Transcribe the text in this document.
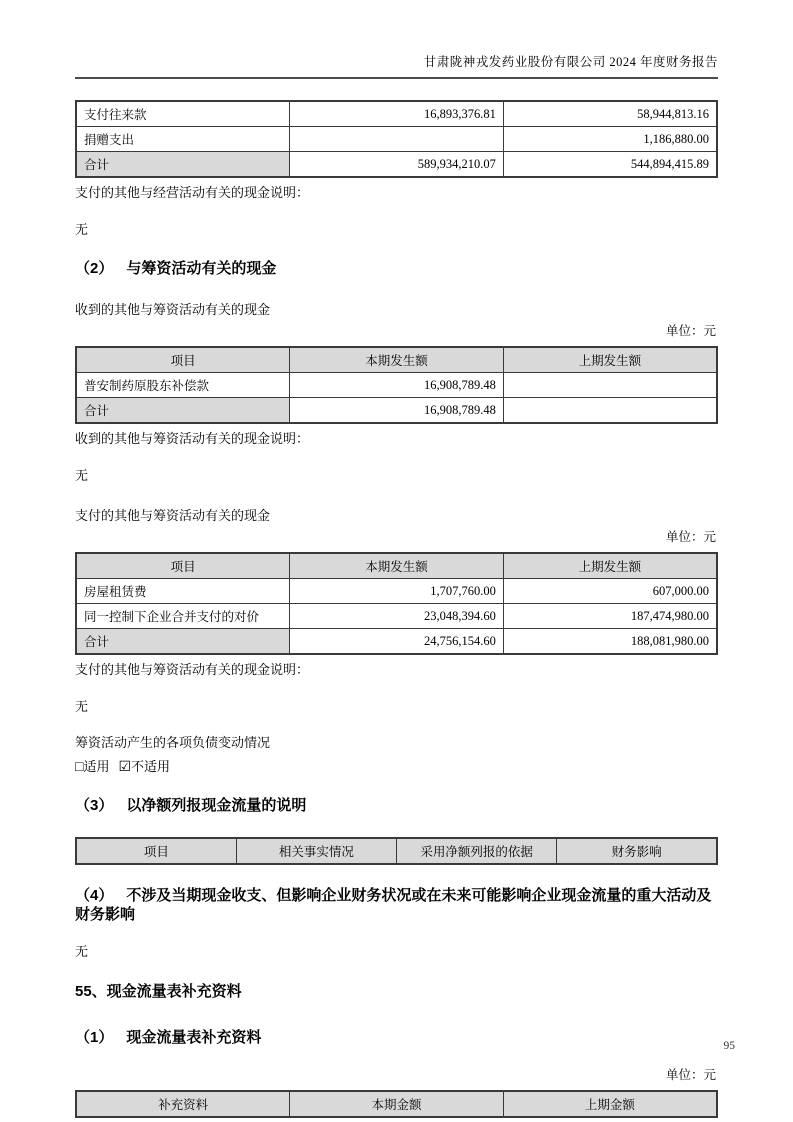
甘肃陇神戎发药业股份有限公司 2024 年度财务报告
支付往来款	16,893,376.81	58,944,813.16
捐赠支出		1,186,880.00
合计	589,934,210.07	544,894,415.89

支付的其他与经营活动有关的现金说明：

无

（2） 与筹资活动有关的现金

收到的其他与筹资活动有关的现金

单位：元

项目	本期发生额	上期发生额
普安制药原股东补偿款	16,908,789.48	
合计	16,908,789.48	

收到的其他与筹资活动有关的现金说明：

无

支付的其他与筹资活动有关的现金

单位：元

项目	本期发生额	上期发生额
房屋租赁费	1,707,760.00	607,000.00
同一控制下企业合并支付的对价	23,048,394.60	187,474,980.00
合计	24,756,154.60	188,081,980.00

支付的其他与筹资活动有关的现金说明：

无

筹资活动产生的各项负债变动情况

□适用 ☑不适用

（3） 以净额列报现金流量的说明
项目	相关事实情况	采用净额列报的依据	财务影响
（4） 不涉及当期现金收支、但影响企业财务状况或在未来可能影响企业现金流量的重大活动及财务影响

无

55、现金流量表补充资料
（1） 现金流量表补充资料

单位：元

补充资料	本期金额	上期金额
95
